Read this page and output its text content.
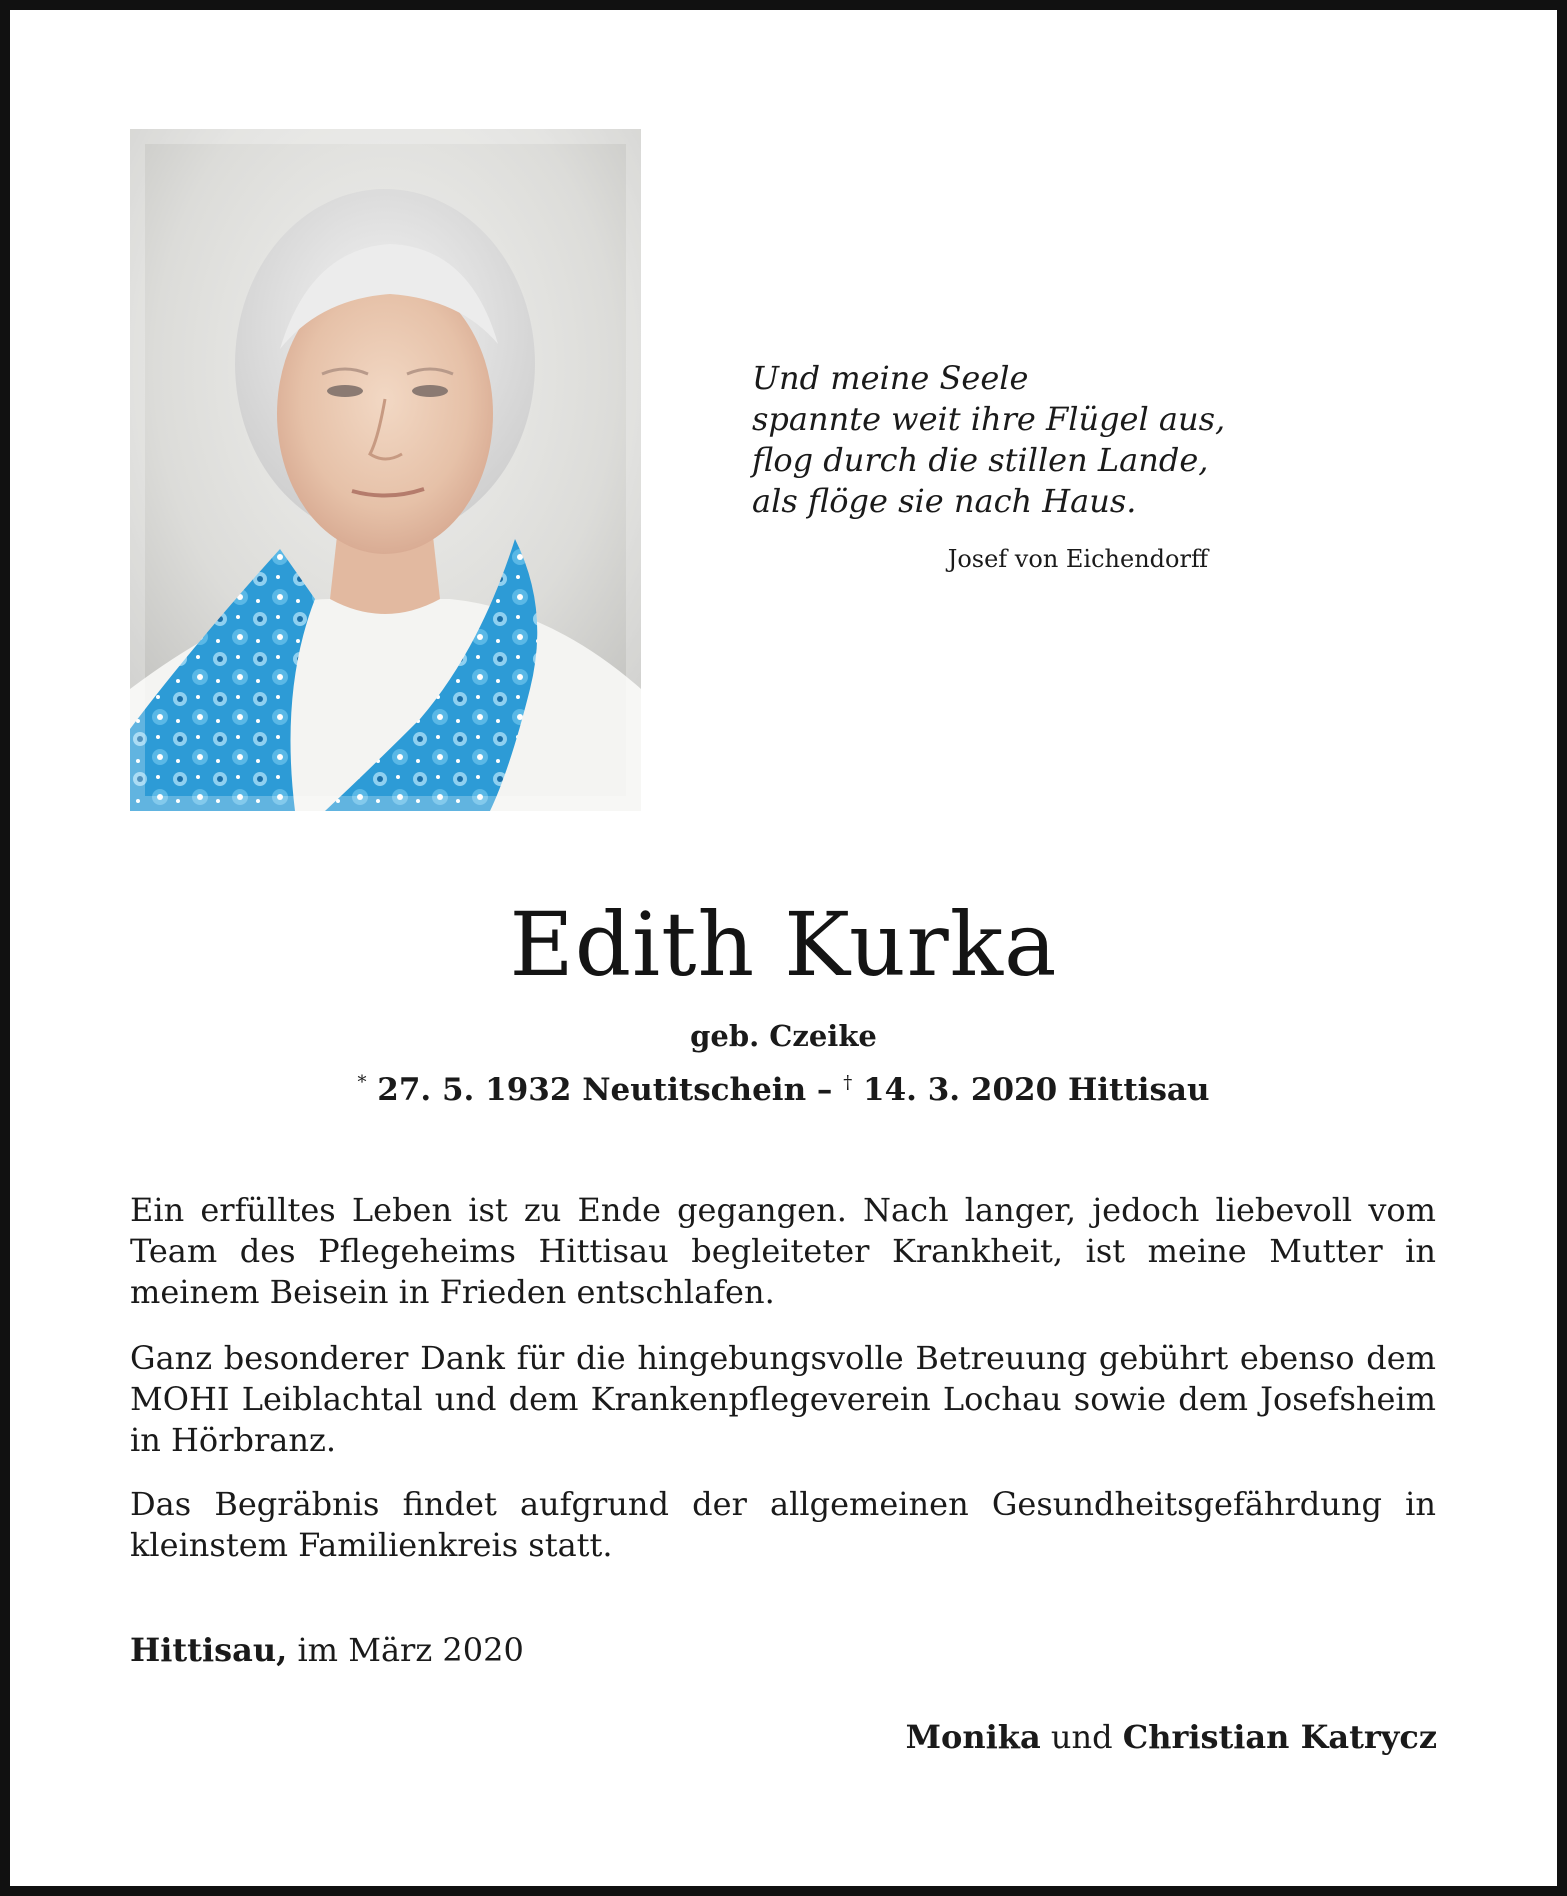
Und meine Seele
spannte weit ihre Flügel aus,
flog durch die stillen Lande,
als flöge sie nach Haus.
Josef von Eichendorff
Edith Kurka
geb. Czeike
* 27. 5. 1932 Neutitschein – † 14. 3. 2020 Hittisau
Ein erfülltes Leben ist zu Ende gegangen. Nach langer, jedoch liebevoll vom Team des Pflegeheims Hittisau begleiteter Krankheit, ist meine Mutter in meinem Beisein in Frieden entschlafen.
Ganz besonderer Dank für die hingebungsvolle Betreuung gebührt ebenso dem MOHI Leiblachtal und dem Krankenpflegeverein Lochau sowie dem Josefsheim in Hörbranz.
Das Begräbnis findet aufgrund der allgemeinen Gesundheitsgefährdung in kleinstem Familienkreis statt.
Hittisau, im März 2020
Monika und Christian Katrycz
